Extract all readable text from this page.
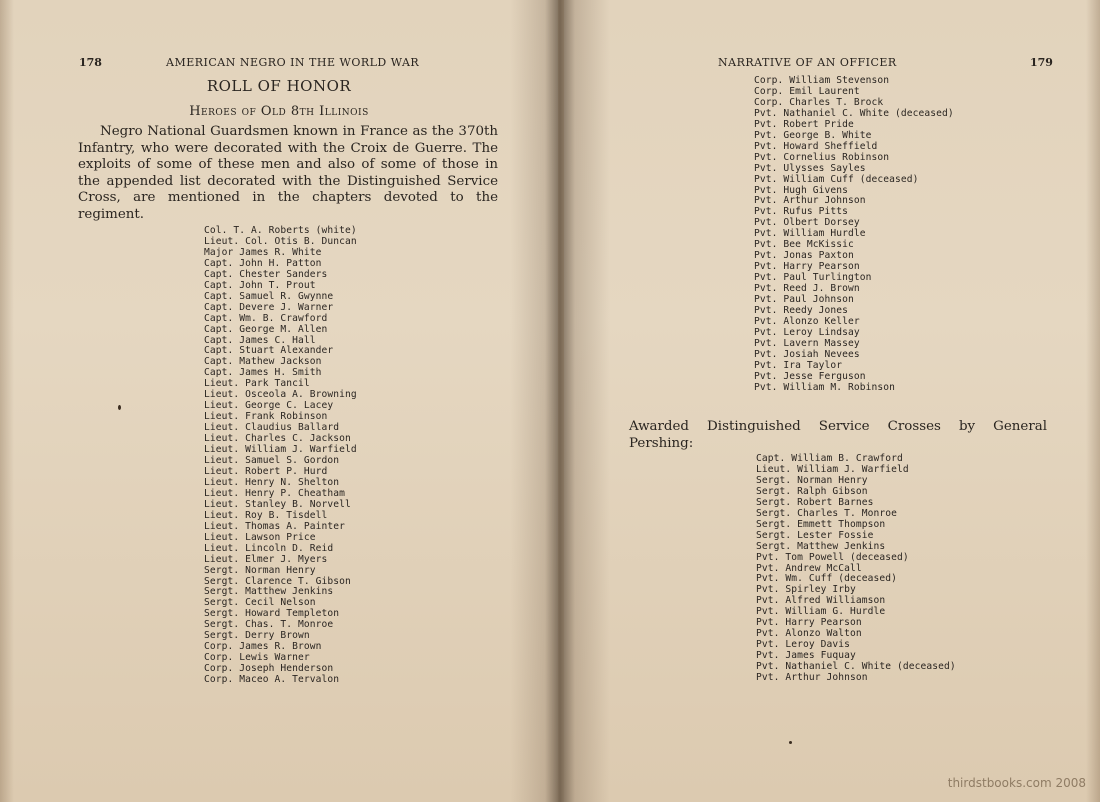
178	AMERICAN NEGRO IN THE WORLD WAR
ROLL OF HONOR
Heroes of Old 8th Illinois

Negro National Guardsmen known in France as the 370th Infantry, who were decorated with the Croix de Guerre. The exploits of some of these men and also of some of those in the appended list decorated with the Distinguished Service Cross, are mentioned in the chapters devoted to the regiment.

Col. T. A. Roberts (white)
Lieut. Col. Otis B. Duncan
Major James R. White
Capt. John H. Patton
Capt. Chester Sanders
Capt. John T. Prout
Capt. Samuel R. Gwynne
Capt. Devere J. Warner
Capt. Wm. B. Crawford
Capt. George M. Allen
Capt. James C. Hall
Capt. Stuart Alexander
Capt. Mathew Jackson
Capt. James H. Smith
Lieut. Park Tancil
Lieut. Osceola A. Browning
Lieut. George C. Lacey
Lieut. Frank Robinson
Lieut. Claudius Ballard
Lieut. Charles C. Jackson
Lieut. William J. Warfield
Lieut. Samuel S. Gordon
Lieut. Robert P. Hurd
Lieut. Henry N. Shelton
Lieut. Henry P. Cheatham
Lieut. Stanley B. Norvell
Lieut. Roy B. Tisdell
Lieut. Thomas A. Painter
Lieut. Lawson Price
Lieut. Lincoln D. Reid
Lieut. Elmer J. Myers
Sergt. Norman Henry
Sergt. Clarence T. Gibson
Sergt. Matthew Jenkins
Sergt. Cecil Nelson
Sergt. Howard Templeton
Sergt. Chas. T. Monroe
Sergt. Derry Brown
Corp. James R. Brown
Corp. Lewis Warner
Corp. Joseph Henderson
Corp. Maceo A. Tervalon
NARRATIVE OF AN OFFICER	179
Corp. William Stevenson
Corp. Emil Laurent
Corp. Charles T. Brock
Pvt. Nathaniel C. White (deceased)
Pvt. Robert Pride
Pvt. George B. White
Pvt. Howard Sheffield
Pvt. Cornelius Robinson
Pvt. Ulysses Sayles
Pvt. William Cuff (deceased)
Pvt. Hugh Givens
Pvt. Arthur Johnson
Pvt. Rufus Pitts
Pvt. Olbert Dorsey
Pvt. William Hurdle
Pvt. Bee McKissic
Pvt. Jonas Paxton
Pvt. Harry Pearson
Pvt. Paul Turlington
Pvt. Reed J. Brown
Pvt. Paul Johnson
Pvt. Reedy Jones
Pvt. Alonzo Keller
Pvt. Leroy Lindsay
Pvt. Lavern Massey
Pvt. Josiah Nevees
Pvt. Ira Taylor
Pvt. Jesse Ferguson
Pvt. William M. Robinson
Capt. William B. Crawford
Lieut. William J. Warfield
Sergt. Norman Henry
Sergt. Ralph Gibson
Sergt. Robert Barnes
Sergt. Charles T. Monroe
Sergt. Emmett Thompson
Sergt. Lester Fossie
Sergt. Matthew Jenkins
Pvt. Tom Powell (deceased)
Pvt. Andrew McCall
Pvt. Wm. Cuff (deceased)
Pvt. Spirley Irby
Pvt. Alfred Williamson
Pvt. William G. Hurdle
Pvt. Harry Pearson
Pvt. Alonzo Walton
Pvt. Leroy Davis
Pvt. James Fuquay
Pvt. Nathaniel C. White (deceased)
Pvt. Arthur Johnson
Awarded Distinguished Service Crosses by General Pershing:
thirdstbooks.com 2008
